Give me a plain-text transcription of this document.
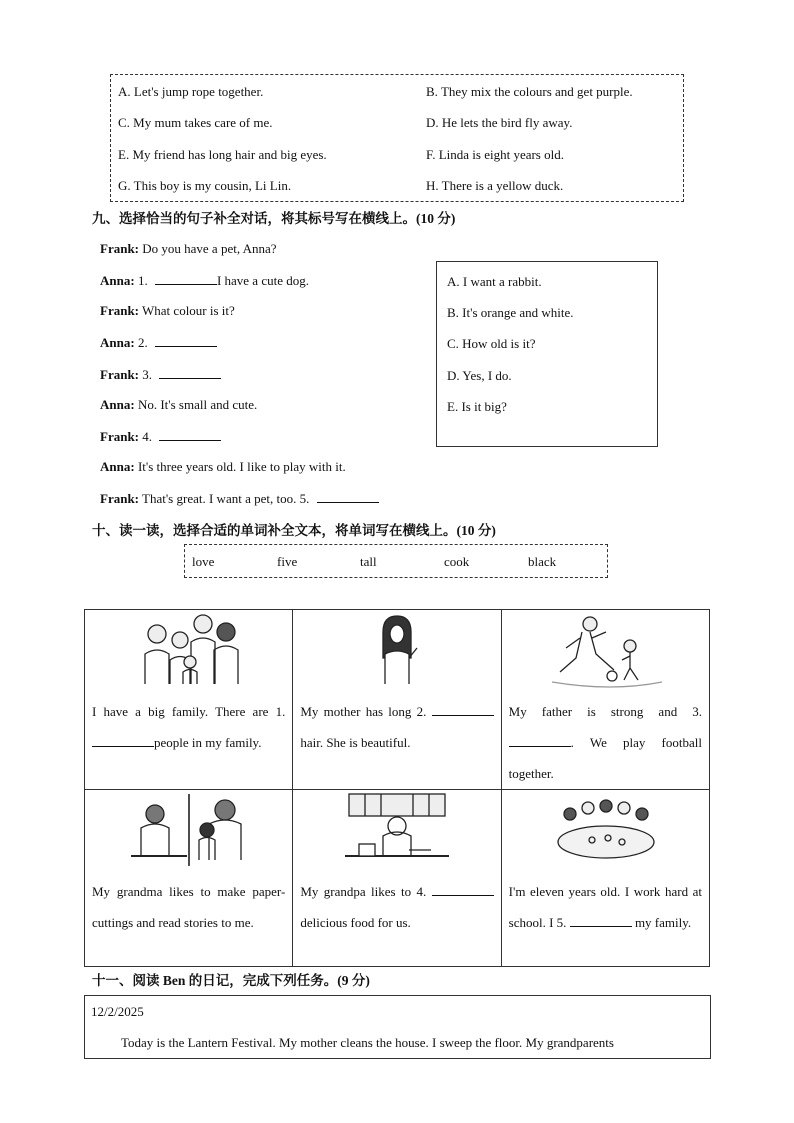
A. Let's jump rope together.	B. They mix the colours and get purple.
C. My mum takes care of me.	D. He lets the bird fly away.
E. My friend has long hair and big eyes.	F. Linda is eight years old.
G. This boy is my cousin, Li Lin.	H. There is a yellow duck.
九、选择恰当的句子补全对话，将其标号写在横线上。(10 分)
Frank: Do you have a pet, Anna?
Anna: 1.	I have a cute dog.
Frank: What colour is it?
Anna: 2.
Frank: 3.
Anna: No. It's small and cute.
Frank: 4.
Anna: It's three years old. I like to play with it.
Frank: That's great. I want a pet, too. 5.
A. I want a rabbit.
B. It's orange and white.
C. How old is it?
D. Yes, I do.
E. Is it big?
十、读一读，选择合适的单词补全文本，将单词写在横线上。(10 分)
love	five	tall	cook	black
I have a big family. There are 1. people in my family.	My mother has long 2. hair. She is beautiful.	My father is strong and 3. . We play football together.

My grandma likes to make paper- cuttings and read stories to me.	My grandpa likes to 4. delicious food for us.	I'm eleven years old. I work hard at school. I 5. my family.
十一、阅读 Ben 的日记，完成下列任务。(9 分)
12/2/2025
Today is the Lantern Festival. My mother cleans the house. I sweep the floor. My grandparents
